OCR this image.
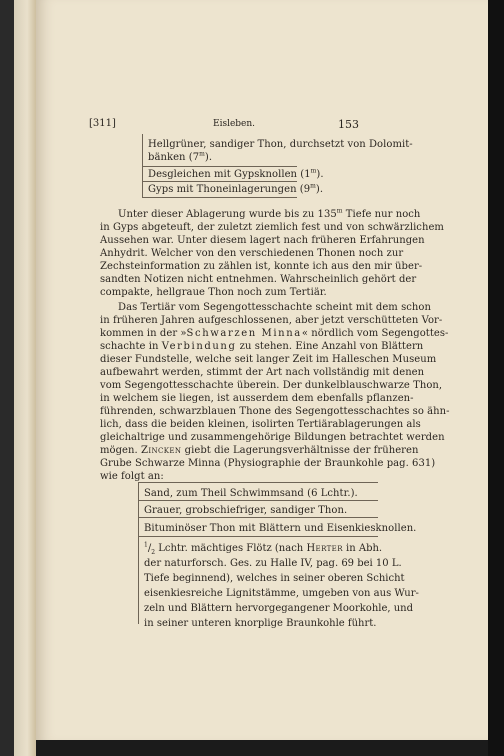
[311]	Eisleben.	153
Hellgrüner, sandiger Thon, durchsetzt von Dolomit-
bänken (7$^m$).
Desgleichen mit Gypsknollen (1$^m$).
Gyps mit Thoneinlagerungen (9$^m$).
Unter dieser Ablagerung wurde bis zu 135$^m$ Tiefe nur noch
in Gyps abgeteuft, der zuletzt ziemlich fest und von schwärzlichem
Aussehen war. Unter diesem lagert nach früheren Erfahrungen
Anhydrit. Welcher von den verschiedenen Thonen noch zur
Zechsteinformation zu zählen ist, konnte ich aus den mir über-
sandten Notizen nicht entnehmen. Wahrscheinlich gehört der
compakte, hellgraue Thon noch zum Tertiär.
Das Tertiär vom Segengottesschachte scheint mit dem schon
in früheren Jahren aufgeschlossenen, aber jetzt verschütteten Vor-
kommen in der »Schwarzen Minna« nördlich vom Segengottes-
schachte in Verbindung zu stehen. Eine Anzahl von Blättern
dieser Fundstelle, welche seit langer Zeit im Halleschen Museum
aufbewahrt werden, stimmt der Art nach vollständig mit denen
vom Segengottesschachte überein. Der dunkelblauschwarze Thon,
in welchem sie liegen, ist ausserdem dem ebenfalls pflanzen-
führenden, schwarzblauen Thone des Segengottesschachtes so ähn-
lich, dass die beiden kleinen, isolirten Tertiärablagerungen als
gleichaltrige und zusammengehörige Bildungen betrachtet werden
mögen. Zincken giebt die Lagerungsverhältnisse der früheren
Grube Schwarze Minna (Physiographie der Braunkohle pag. 631)
wie folgt an:
Sand, zum Theil Schwimmsand (6 Lchtr.).
Grauer, grobschiefriger, sandiger Thon.
Bituminöser Thon mit Blättern und Eisenkiesknollen.
$^1/_2$ Lchtr. mächtiges Flötz (nach Herter in Abh.
der naturforsch. Ges. zu Halle IV, pag. 69 bei 10 L.
Tiefe beginnend), welches in seiner oberen Schicht
eisenkiesreiche Lignitstämme, umgeben von aus Wur-
zeln und Blättern hervorgegangener Moorkohle, und
in seiner unteren knorplige Braunkohle führt.
